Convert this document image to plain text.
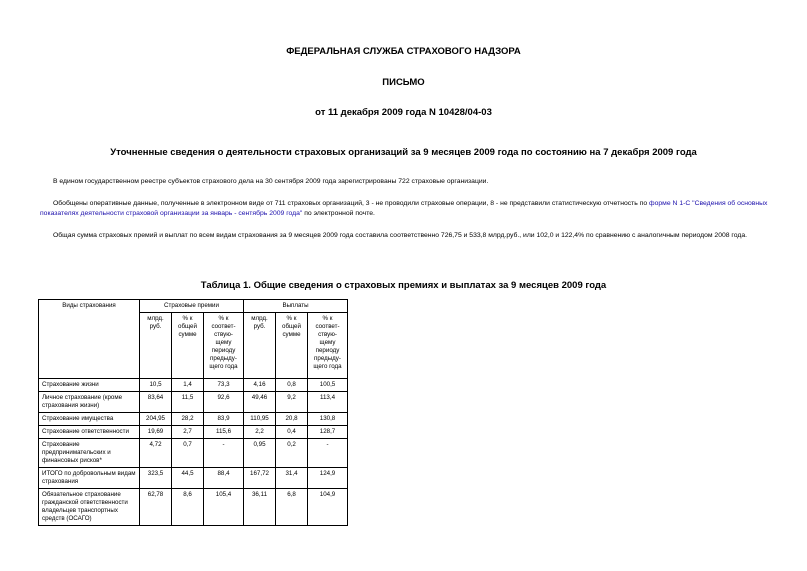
ФЕДЕРАЛЬНАЯ СЛУЖБА СТРАХОВОГО НАДЗОРА
ПИСЬМО
от 11 декабря 2009 года N 10428/04-03
Уточненные сведения о деятельности страховых организаций за 9 месяцев 2009 года по состоянию на 7 декабря 2009 года
В едином государственном реестре субъектов страхового дела на 30 сентября 2009 года зарегистрированы 722 страховые организации.
Обобщены оперативные данные, полученные в электронном виде от 711 страховых организаций, 3 - не проводили страховые операции, 8 - не представили статистическую отчетность по форме N 1-С "Сведения об основных показателях деятельности страховой организации за январь - сентябрь 2009 года" по электронной почте.
Общая сумма страховых премий и выплат по всем видам страхования за 9 месяцев 2009 года составила соответственно 726,75 и 533,8 млрд.руб., или 102,0 и 122,4% по сравнению с аналогичным периодом 2008 года.
Таблица 1. Общие сведения о страховых премиях и выплатах за 9 месяцев 2009 года
Виды страхования	Страховые премии			Выплаты		
	млрд. руб.	% к общей сумме	% к соответ- ствую- щему периоду предыду- щего года	млрд. руб.	% к общей сумме	% к соответ- ствую- щему периоду предыду- щего года
Страхование жизни	10,5	1,4	73,3	4,16	0,8	100,5
Личное страхование (кроме страхования жизни)	83,64	11,5	92,6	49,46	9,2	113,4
Страхование имущества	204,95	28,2	83,9	110,95	20,8	130,8
Страхование ответственности	19,69	2,7	115,6	2,2	0,4	128,7
Страхование предпринимательских и финансовых рисков*	4,72	0,7	-	0,95	0,2	-
ИТОГО по добровольным видам страхования	323,5	44,5	88,4	167,72	31,4	124,9
Обязательное страхование гражданской ответственности владельцев транспортных средств (ОСАГО)	62,78	8,6	105,4	36,11	6,8	104,9
